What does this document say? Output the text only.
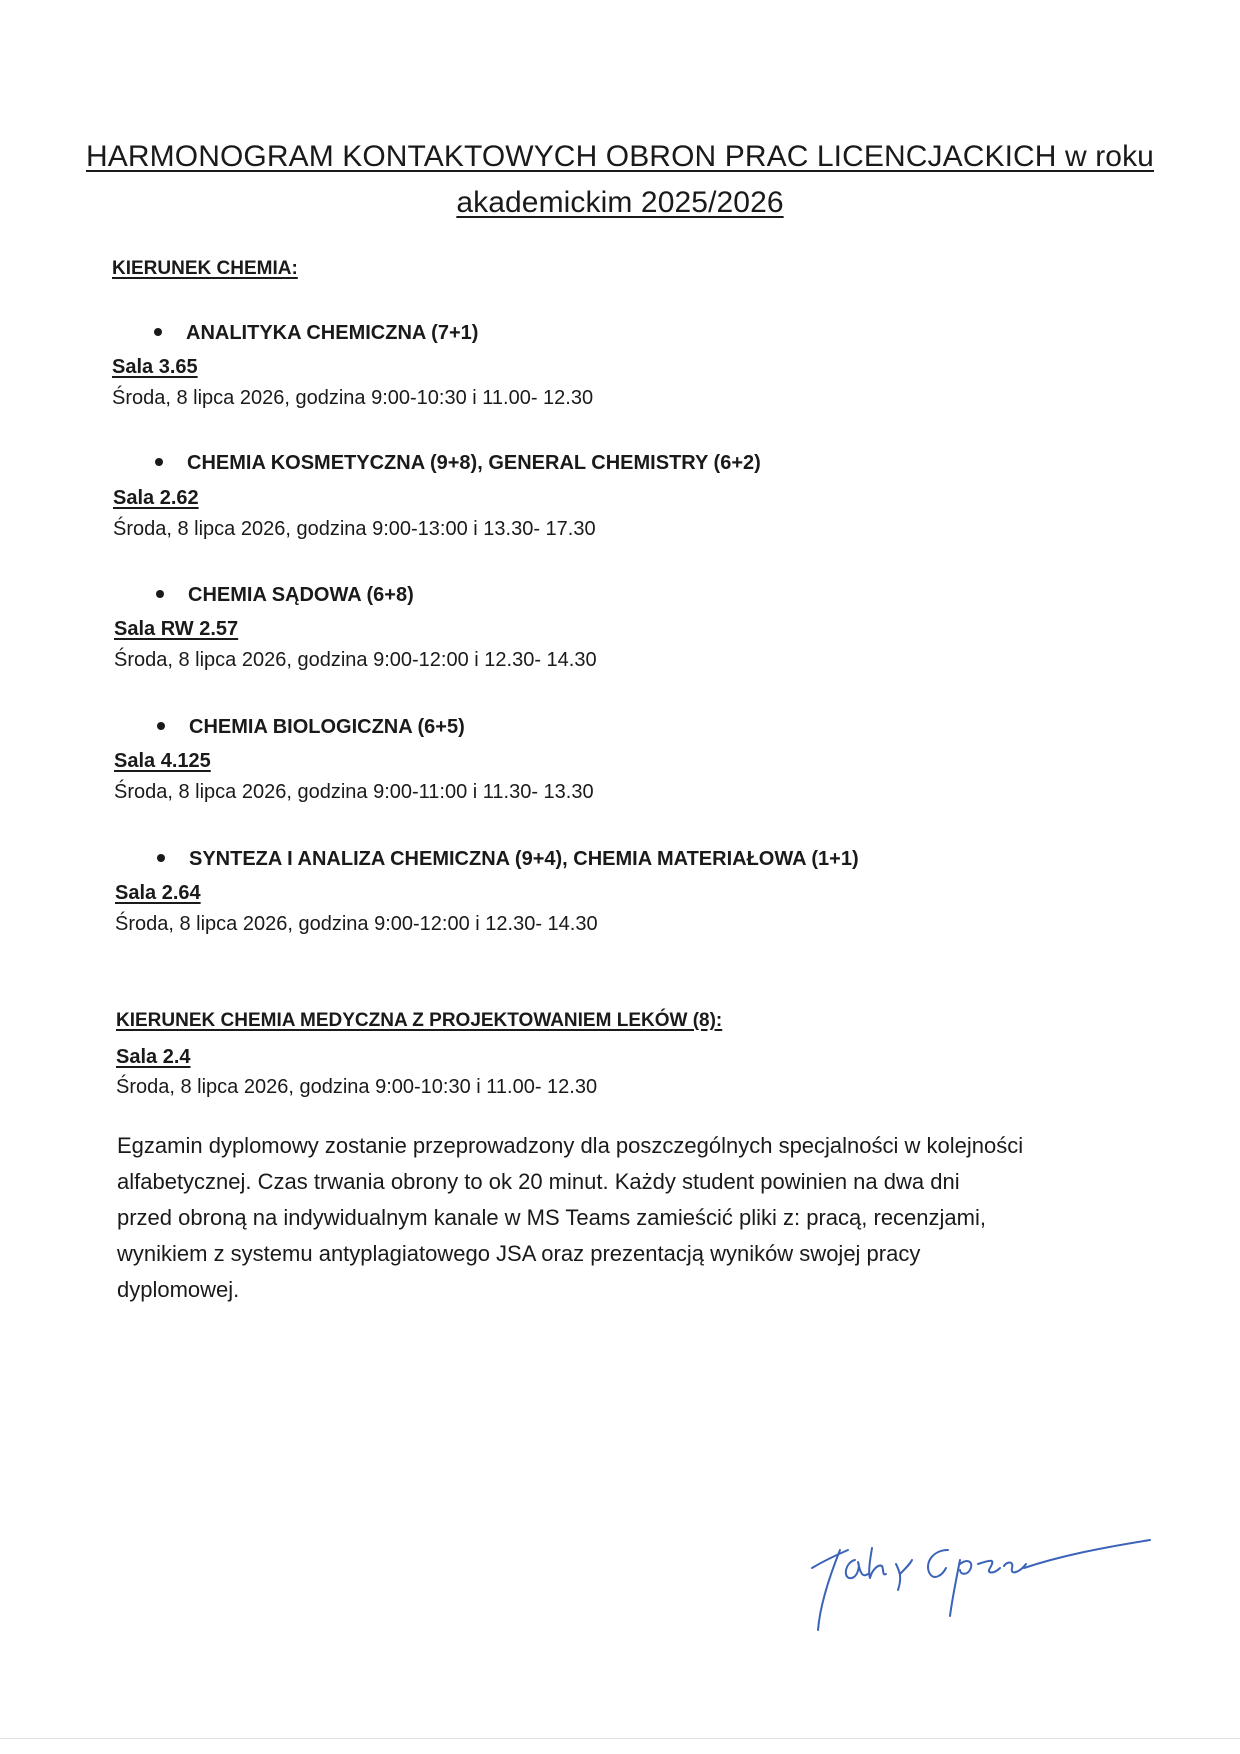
HARMONOGRAM KONTAKTOWYCH OBRON PRAC LICENCJACKICH w roku
akademickim 2025/2026
KIERUNEK CHEMIA:
ANALITYKA CHEMICZNA (7+1)
Sala 3.65
Środa, 8 lipca 2026, godzina 9:00-10:30 i 11.00- 12.30
CHEMIA KOSMETYCZNA (9+8), GENERAL CHEMISTRY (6+2)
Sala 2.62
Środa, 8 lipca 2026, godzina 9:00-13:00 i 13.30- 17.30
CHEMIA SĄDOWA (6+8)
Sala RW 2.57
Środa, 8 lipca 2026, godzina 9:00-12:00 i 12.30- 14.30
CHEMIA BIOLOGICZNA (6+5)
Sala 4.125
Środa, 8 lipca 2026, godzina 9:00-11:00 i 11.30- 13.30
SYNTEZA I ANALIZA CHEMICZNA (9+4), CHEMIA MATERIAŁOWA (1+1)
Sala 2.64
Środa, 8 lipca 2026, godzina 9:00-12:00 i 12.30- 14.30
KIERUNEK CHEMIA MEDYCZNA Z PROJEKTOWANIEM LEKÓW (8):
Sala 2.4
Środa, 8 lipca 2026, godzina 9:00-10:30 i 11.00- 12.30
Egzamin dyplomowy zostanie przeprowadzony dla poszczególnych specjalności w kolejności
alfabetycznej. Czas trwania obrony to ok 20 minut. Każdy student powinien na dwa dni
przed obroną na indywidualnym kanale w MS Teams zamieścić pliki z: pracą, recenzjami,
wynikiem z systemu antyplagiatowego JSA oraz prezentacją wyników swojej pracy
dyplomowej.
